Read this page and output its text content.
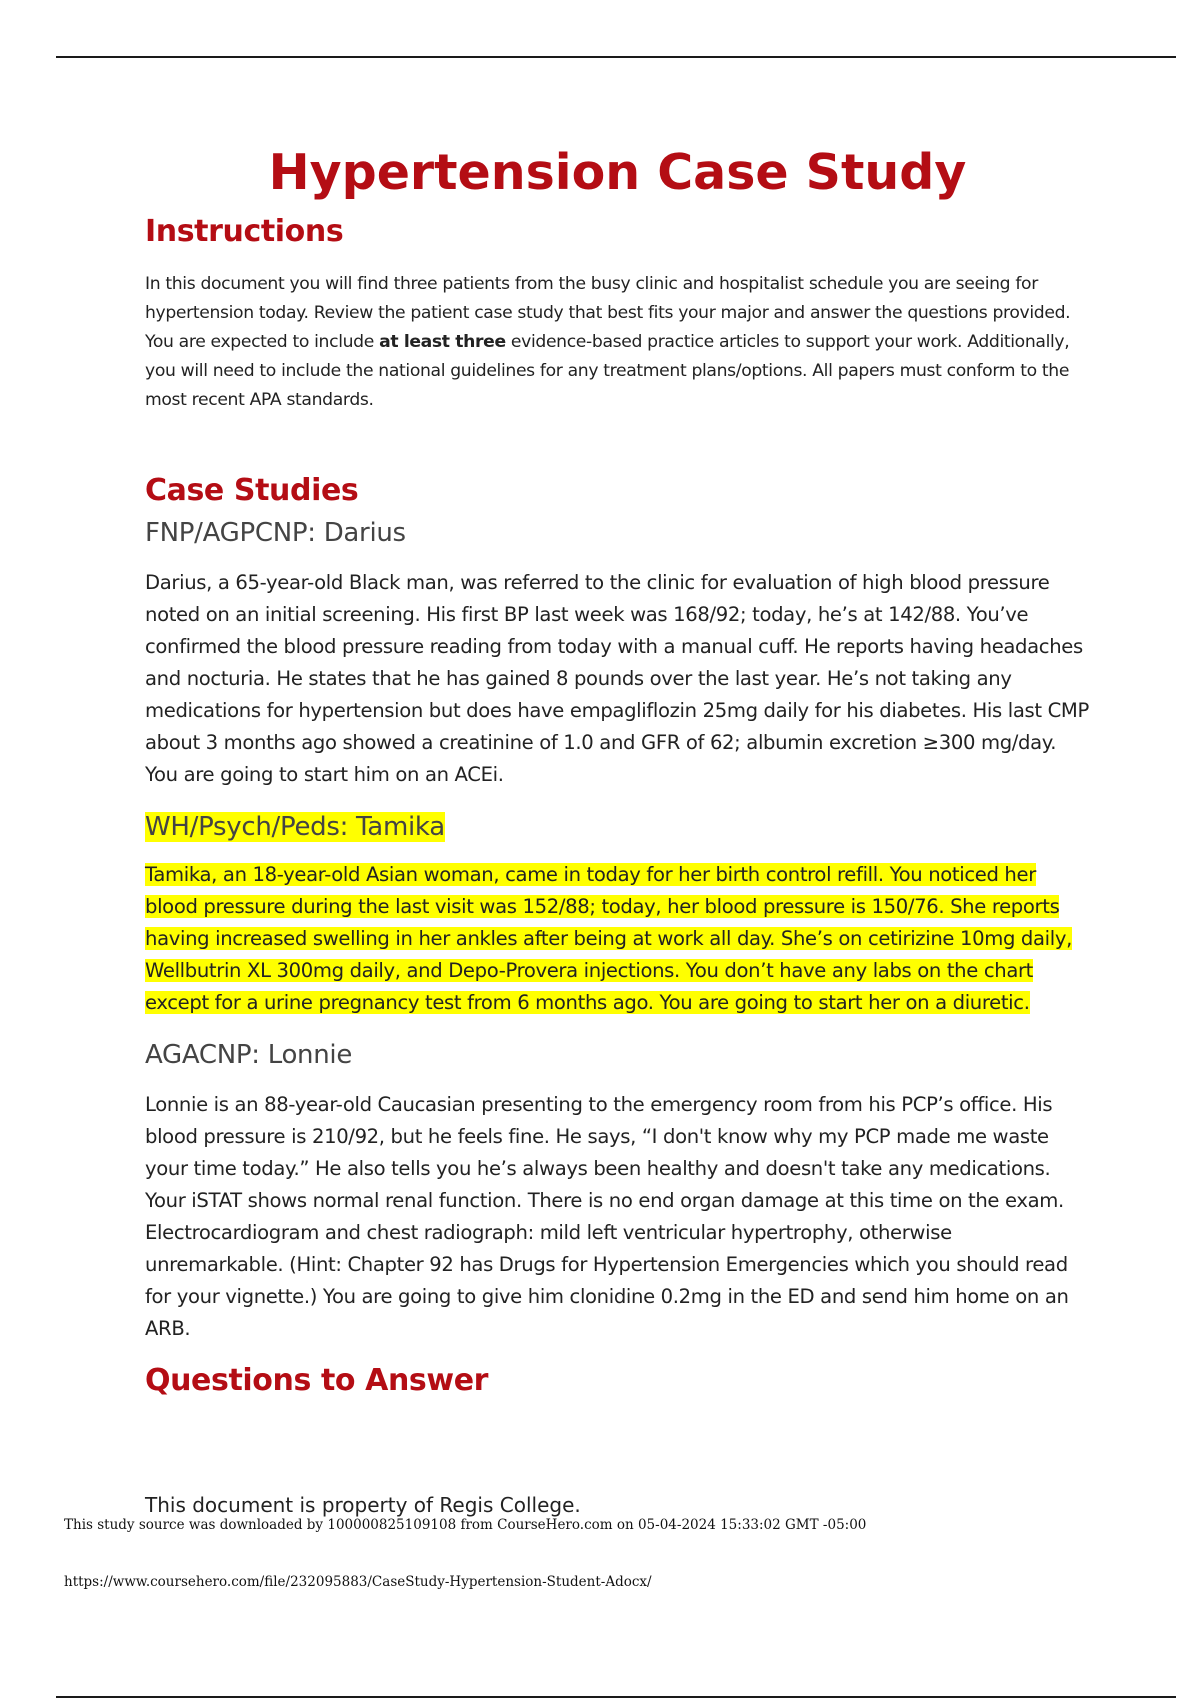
Hypertension Case Study
Instructions

In this document you will find three patients from the busy clinic and hospitalist schedule you are seeing for hypertension today. Review the patient case study that best fits your major and answer the questions provided. You are expected to include at least three evidence-based practice articles to support your work. Additionally, you will need to include the national guidelines for any treatment plans/options. All papers must conform to the most recent APA standards.

Case Studies
FNP/AGPCNP: Darius

Darius, a 65-year-old Black man, was referred to the clinic for evaluation of high blood pressure noted on an initial screening. His first BP last week was 168/92; today, he’s at 142/88. You’ve confirmed the blood pressure reading from today with a manual cuff. He reports having headaches and nocturia. He states that he has gained 8 pounds over the last year. He’s not taking any medications for hypertension but does have empagliflozin 25mg daily for his diabetes. His last CMP about 3 months ago showed a creatinine of 1.0 and GFR of 62; albumin excretion ≥300 mg/day. You are going to start him on an ACEi.

WH/Psych/Peds: Tamika

Tamika, an 18-year-old Asian woman, came in today for her birth control refill. You noticed her blood pressure during the last visit was 152/88; today, her blood pressure is 150/76. She reports having increased swelling in her ankles after being at work all day. She’s on cetirizine 10mg daily, Wellbutrin XL 300mg daily, and Depo-Provera injections. You don’t have any labs on the chart except for a urine pregnancy test from 6 months ago. You are going to start her on a diuretic.

AGACNP: Lonnie

Lonnie is an 88-year-old Caucasian presenting to the emergency room from his PCP’s office. His blood pressure is 210/92, but he feels fine. He says, “I don't know why my PCP made me waste your time today.” He also tells you he’s always been healthy and doesn't take any medications. Your iSTAT shows normal renal function. There is no end organ damage at this time on the exam. Electrocardiogram and chest radiograph: mild left ventricular hypertrophy, otherwise unremarkable. (Hint: Chapter 92 has Drugs for Hypertension Emergencies which you should read for your vignette.) You are going to give him clonidine 0.2mg in the ED and send him home on an ARB.

Questions to Answer
This document is property of Regis College.
This study source was downloaded by 100000825109108 from CourseHero.com on 05-04-2024 15:33:02 GMT -05:00
https://www.coursehero.com/file/232095883/CaseStudy-Hypertension-Student-Adocx/
